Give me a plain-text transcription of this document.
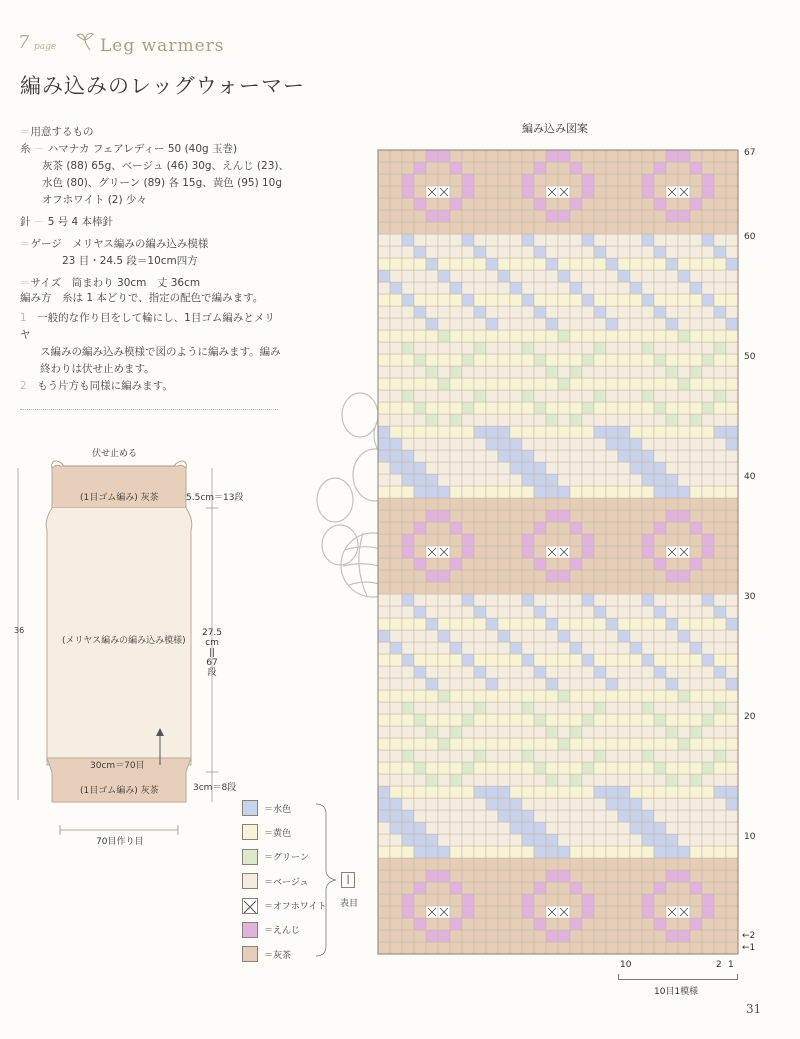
7 page	Leg warmers
編み込みのレッグウォーマー
＝用意するもの
糸 － ハマナカ フェアレディー 50 (40g 玉巻)
灰茶 (88) 65g、ベージュ (46) 30g、えんじ (23)、
水色 (80)、グリーン (89) 各 15g、黄色 (95) 10g
オフホワイト (2) 少々
針 － 5 号 4 本棒針
＝ゲージ　 メリヤス編みの編み込み模様
23 目・24.5 段＝10cm四方
＝サイズ　 筒まわり 30cm　丈 36cm
編み方　 糸は 1 本どりで、指定の配色で編みます。
1　 一般的な作り目をして輪にし、1目ゴム編みとメリヤ
ス編みの編み込み模様で図のように編みます。編み
終わりは伏せ止めます。
2　 もう片方も同様に編みます。
伏せ止める
(1目ゴム編み) 灰茶	5.5cm＝13段
(メリヤス編みの編み込み模様)
36	27.5
cm
||
67
段
30cm＝70目
(1目ゴム編み) 灰茶	3cm＝8段
70目作り目
＝水色
＝黄色
＝グリーン
＝ベージュ
＝オフホワイト
＝えんじ
＝灰茶
|
表目
編み込み図案
67
60
50
40
30
20
10
←2
←1
10	2 1
10目1模様
31
